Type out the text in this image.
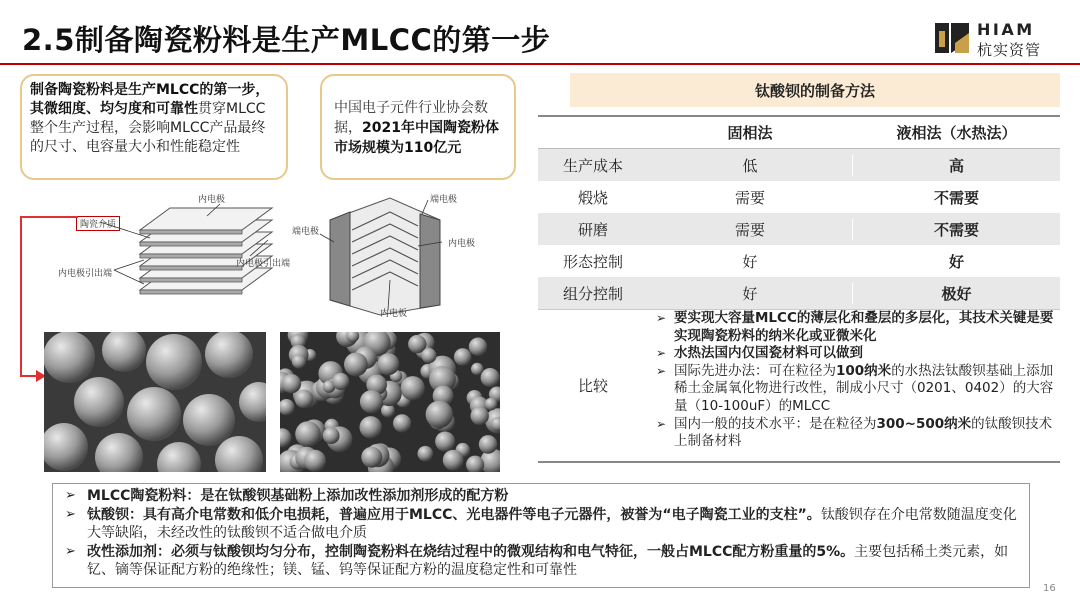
2.5制备陶瓷粉料是生产MLCC的第一步	HIAM
杭实资管
制备陶瓷粉料是生产MLCC的第一步，其微细度、均匀度和可靠性贯穿MLCC整个生产过程，会影响MLCC产品最终的尺寸、电容量大小和性能稳定性
中国电子元件行业协会数据，2021年中国陶瓷粉体市场规模为110亿元
内电极
陶瓷介质
内电极引出端
内电极引出端
端电极
端电极
内电极
内电板
钛酸钡的制备方法
固相法	液相法（水热法）
生产成本	低	高
煅烧	需要	不需要
研磨	需要	不需要
形态控制	好	好
组分控制	好	极好
比较
➢ 要实现大容量MLCC的薄层化和叠层的多层化，其技术关键是要实现陶瓷粉料的纳米化或亚微米化
➢ 水热法国内仅国瓷材料可以做到
➢ 国际先进办法：可在粒径为100纳米的水热法钛酸钡基础上添加稀土金属氧化物进行改性，制成小尺寸（0201、0402）的大容量（10-100uF）的MLCC
➢ 国内一般的技术水平：是在粒径为300~500纳米的钛酸钡技术上制备材料
➢ MLCC陶瓷粉料：是在钛酸钡基础粉上添加改性添加剂形成的配方粉
➢ 钛酸钡：具有高介电常数和低介电损耗，普遍应用于MLCC、光电器件等电子元器件，被誉为“电子陶瓷工业的支柱”。钛酸钡存在介电常数随温度变化大等缺陷，未经改性的钛酸钡不适合做电介质
➢ 改性添加剂：必须与钛酸钡均匀分布，控制陶瓷粉料在烧结过程中的微观结构和电气特征，一般占MLCC配方粉重量的5%。主要包括稀土类元素，如钇、镝等保证配方粉的绝缘性；镁、锰、钨等保证配方粉的温度稳定性和可靠性
16
